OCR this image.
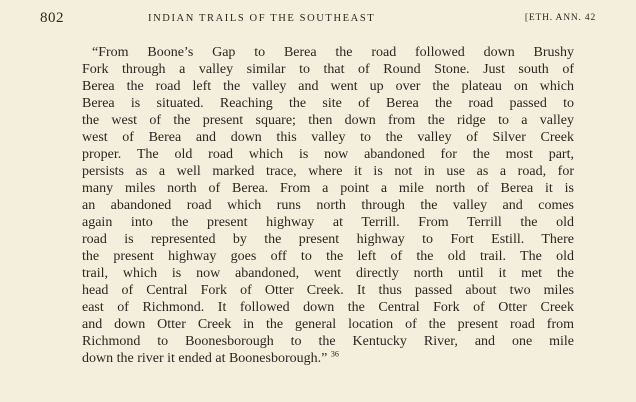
802	INDIAN TRAILS OF THE SOUTHEAST	[ETH. ANN. 42
“From Boone’s Gap to Berea the road followed down Brushy
Fork through a valley similar to that of Round Stone. Just south of
Berea the road left the valley and went up over the plateau on which
Berea is situated. Reaching the site of Berea the road passed to
the west of the present square; then down from the ridge to a valley
west of Berea and down this valley to the valley of Silver Creek
proper. The old road which is now abandoned for the most part,
persists as a well marked trace, where it is not in use as a road, for
many miles north of Berea. From a point a mile north of Berea it is
an abandoned road which runs north through the valley and comes
again into the present highway at Terrill. From Terrill the old
road is represented by the present highway to Fort Estill. There
the present highway goes off to the left of the old trail. The old
trail, which is now abandoned, went directly north until it met the
head of Central Fork of Otter Creek. It thus passed about two miles
east of Richmond. It followed down the Central Fork of Otter Creek
and down Otter Creek in the general location of the present road from
Richmond to Boonesborough to the Kentucky River, and one mile
down the river it ended at Boonesborough.” $^{36}$
